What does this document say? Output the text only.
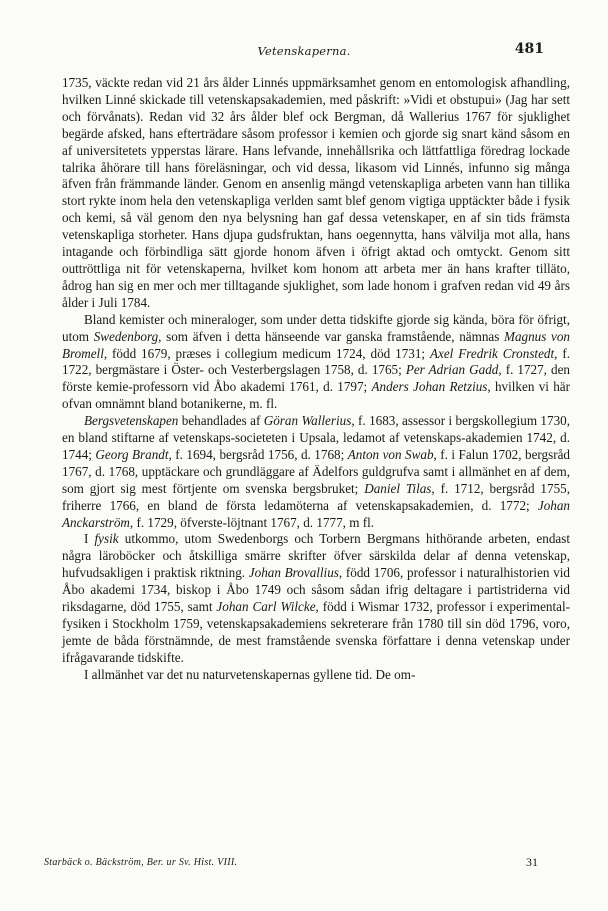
Vetenskaperna.	481

1735, väckte redan vid 21 års ålder Linnés uppmärksamhet genom en entomologisk afhandling, hvilken Linné skickade till vetenskapsakademien, med påskrift: »Vidi et obstupui» (Jag har sett och förvånats). Redan vid 32 års ålder blef ock Bergman, då Wallerius 1767 för sjuklighet begärde afsked, hans efterträdare såsom professor i kemien och gjorde sig snart känd såsom en af universitetets ypperstas lärare. Hans lefvande, innehållsrika och lättfattliga föredrag lockade talrika åhörare till hans föreläsningar, och vid dessa, likasom vid Linnés, infunno sig många äfven från främmande länder. Genom en ansenlig mängd vetenskapliga arbeten vann han tillika stort rykte inom hela den vetenskapliga verlden samt blef genom vigtiga upptäckter både i fysik och kemi, så väl genom den nya belysning han gaf dessa vetenskaper, en af sin tids främsta vetenskapliga storheter. Hans djupa gudsfruktan, hans oegennytta, hans välvilja mot alla, hans intagande och förbindliga sätt gjorde honom äfven i öfrigt aktad och omtyckt. Genom sitt outtröttliga nit för vetenskaperna, hvilket kom honom att arbeta mer än hans krafter tilläto, ådrog han sig en mer och mer tilltagande sjuklighet, som lade honom i grafven redan vid 49 års ålder i Juli 1784.

Bland kemister och mineraloger, som under detta tidskifte gjorde sig kända, böra för öfrigt, utom Swedenborg, som äfven i detta hänseende var ganska framstående, nämnas Magnus von Bromell, född 1679, præses i collegium medicum 1724, död 1731; Axel Fredrik Cronstedt, f. 1722, bergmästare i Öster- och Vesterbergslagen 1758, d. 1765; Per Adrian Gadd, f. 1727, den förste kemie-professorn vid Åbo akademi 1761, d. 1797; Anders Johan Retzius, hvilken vi här ofvan omnämnt bland botanikerne, m. fl.

Bergsvetenskapen behandlades af Göran Wallerius, f. 1683, assessor i bergskollegium 1730, en bland stiftarne af vetenskaps-societeten i Upsala, ledamot af vetenskaps-akademien 1742, d. 1744; Georg Brandt, f. 1694, bergsråd 1756, d. 1768; Anton von Swab, f. i Falun 1702, bergsråd 1767, d. 1768, upptäckare och grundläggare af Ädelfors guldgrufva samt i allmänhet en af dem, som gjort sig mest förtjente om svenska bergsbruket; Daniel Tilas, f. 1712, bergsråd 1755, friherre 1766, en bland de första ledamöterna af vetenskapsakademien, d. 1772; Johan Anckarström, f. 1729, öfverste-löjtnant 1767, d. 1777, m fl.

I fysik utkommo, utom Swedenborgs och Torbern Bergmans hithörande arbeten, endast några läroböcker och åtskilliga smärre skrifter öfver särskilda delar af denna vetenskap, hufvudsakligen i praktisk riktning. Johan Brovallius, född 1706, professor i naturalhistorien vid Åbo akademi 1734, biskop i Åbo 1749 och såsom sådan ifrig deltagare i partistriderna vid riksdagarne, död 1755, samt Johan Carl Wilcke, född i Wismar 1732, professor i experimental-fysiken i Stockholm 1759, vetenskapsakademiens sekreterare från 1780 till sin död 1796, voro, jemte de båda förstnämnde, de mest framstående svenska författare i denna vetenskap under ifrågavarande tidskifte.

I allmänhet var det nu naturvetenskapernas gyllene tid. De om-

Starbäck o. Bäckström, Ber. ur Sv. Hist. VIII.	31
